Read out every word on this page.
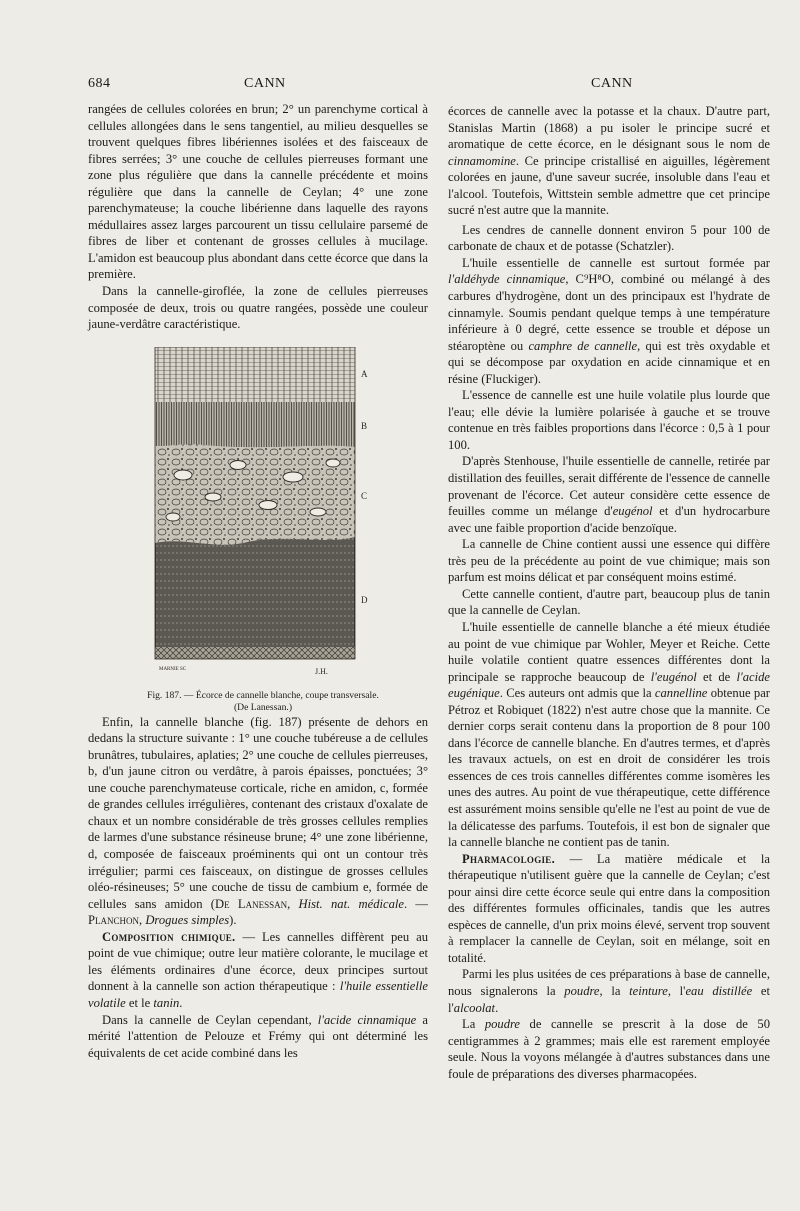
684	CANN	CANN

rangées de cellules colorées en brun; 2° un parenchyme cortical à cellules allongées dans le sens tangentiel, au milieu desquelles se trouvent quelques fibres libériennes isolées et des faisceaux de fibres serrées; 3° une couche de cellules pierreuses formant une zone plus régulière que dans la cannelle précédente et moins régulière que dans la cannelle de Ceylan; 4° une zone parenchymateuse; la couche libérienne dans laquelle des rayons médullaires assez larges parcourent un tissu cellulaire parsemé de fibres de liber et contenant de grosses cellules à mucilage. L'amidon est beaucoup plus abondant dans cette écorce que dans la première.

Dans la cannelle-giroflée, la zone de cellules pierreuses composée de deux, trois ou quatre rangées, possède une couleur jaune-verdâtre caractéristique.

A
B
C
D
MARNIE SC	J.H.
Fig. 187. — Écorce de cannelle blanche, coupe transversale.
(De Lanessan.)

Enfin, la cannelle blanche (fig. 187) présente de dehors en dedans la structure suivante : 1° une couche tubéreuse a de cellules brunâtres, tubulaires, aplaties; 2° une couche de cellules pierreuses, b, d'un jaune citron ou verdâtre, à parois épaisses, ponctuées; 3° une couche parenchymateuse corticale, riche en amidon, c, formée de grandes cellules irrégulières, contenant des cristaux d'oxalate de chaux et un nombre considérable de très grosses cellules remplies de larmes d'une substance résineuse brune; 4° une zone libérienne, d, composée de faisceaux proéminents qui ont un contour très irrégulier; parmi ces faisceaux, on distingue de grosses cellules oléo-résineuses; 5° une couche de tissu de cambium e, formée de cellules sans amidon (De Lanessan, Hist. nat. médicale. — Planchon, Drogues simples).

Composition chimique. — Les cannelles diffèrent peu au point de vue chimique; outre leur matière colorante, le mucilage et les éléments ordinaires d'une écorce, deux principes surtout donnent à la cannelle son action thérapeutique : l'huile essentielle volatile et le tanin.

Dans la cannelle de Ceylan cependant, l'acide cinnamique a mérité l'attention de Pelouze et Frémy qui ont déterminé les équivalents de cet acide combiné dans les

écorces de cannelle avec la potasse et la chaux. D'autre part, Stanislas Martin (1868) a pu isoler le principe sucré et aromatique de cette écorce, en le désignant sous le nom de cinnamomine. Ce principe cristallisé en aiguilles, légèrement colorées en jaune, d'une saveur sucrée, insoluble dans l'eau et l'alcool. Toutefois, Wittstein semble admettre que cet principe sucré n'est autre que la mannite.

Les cendres de cannelle donnent environ 5 pour 100 de carbonate de chaux et de potasse (Schatzler).

L'huile essentielle de cannelle est surtout formée par l'aldéhyde cinnamique, C⁹H⁸O, combiné ou mélangé à des carbures d'hydrogène, dont un des principaux est l'hydrate de cinnamyle. Soumis pendant quelque temps à une température inférieure à 0 degré, cette essence se trouble et dépose un stéaroptène ou camphre de cannelle, qui est très oxydable et qui se décompose par oxydation en acide cinnamique et en résine (Fluckiger).

L'essence de cannelle est une huile volatile plus lourde que l'eau; elle dévie la lumière polarisée à gauche et se trouve contenue en très faibles proportions dans l'écorce : 0,5 à 1 pour 100.

D'après Stenhouse, l'huile essentielle de cannelle, retirée par distillation des feuilles, serait différente de l'essence de cannelle provenant de l'écorce. Cet auteur considère cette essence de feuilles comme un mélange d'eugénol et d'un hydrocarbure avec une faible proportion d'acide benzoïque.

La cannelle de Chine contient aussi une essence qui diffère très peu de la précédente au point de vue chimique; mais son parfum est moins délicat et par conséquent moins estimé.

Cette cannelle contient, d'autre part, beaucoup plus de tanin que la cannelle de Ceylan.

L'huile essentielle de cannelle blanche a été mieux étudiée au point de vue chimique par Wohler, Meyer et Reiche. Cette huile volatile contient quatre essences différentes dont la principale se rapproche beaucoup de l'eugénol et de l'acide eugénique. Ces auteurs ont admis que la cannelline obtenue par Pétroz et Robiquet (1822) n'est autre chose que la mannite. Ce dernier corps serait contenu dans la proportion de 8 pour 100 dans l'écorce de cannelle blanche. En d'autres termes, et d'après les travaux actuels, on est en droit de considérer les trois essences de ces trois cannelles différentes comme isomères les unes des autres. Au point de vue thérapeutique, cette différence est assurément moins sensible qu'elle ne l'est au point de vue de la délicatesse des parfums. Toutefois, il est bon de signaler que la cannelle blanche ne contient pas de tanin.

Pharmacologie. — La matière médicale et la thérapeutique n'utilisent guère que la cannelle de Ceylan; c'est pour ainsi dire cette écorce seule qui entre dans la composition des différentes formules officinales, tandis que les autres espèces de cannelle, d'un prix moins élevé, servent trop souvent à remplacer la cannelle de Ceylan, soit en mélange, soit en totalité.

Parmi les plus usitées de ces préparations à base de cannelle, nous signalerons la poudre, la teinture, l'eau distillée et l'alcoolat.

La poudre de cannelle se prescrit à la dose de 50 centigrammes à 2 grammes; mais elle est rarement employée seule. Nous la voyons mélangée à d'autres substances dans une foule de préparations des diverses pharmacopées.
